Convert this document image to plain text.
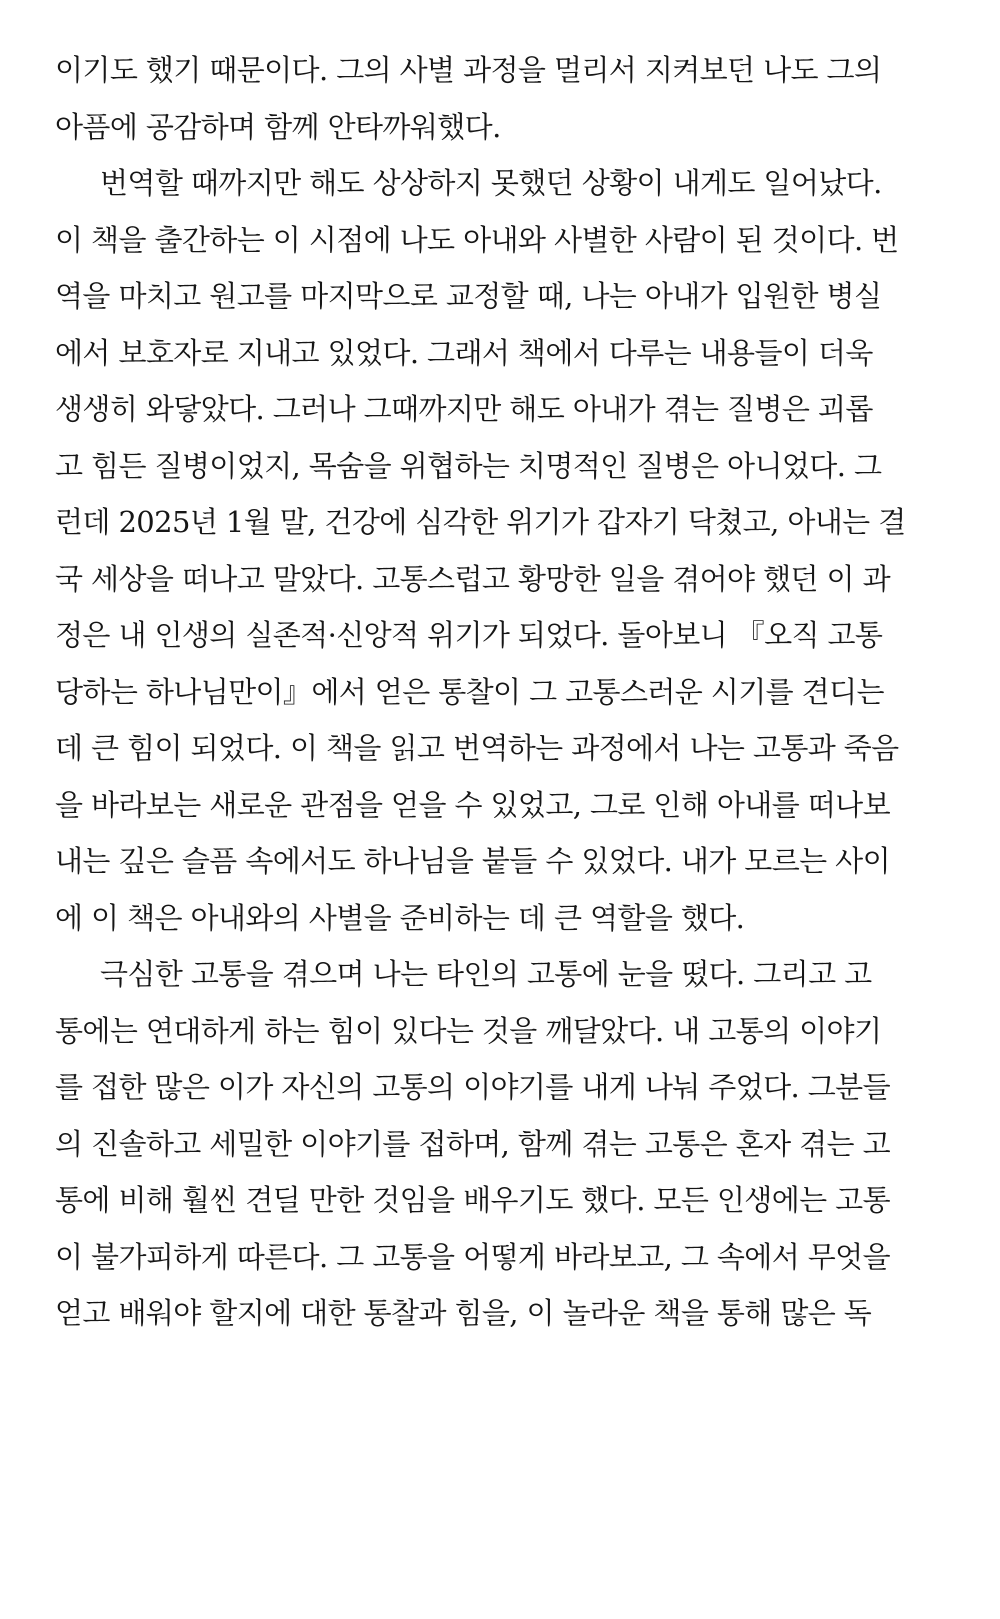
이기도 했기 때문이다. 그의 사별 과정을 멀리서 지켜보던 나도 그의
아픔에 공감하며 함께 안타까워했다.
번역할 때까지만 해도 상상하지 못했던 상황이 내게도 일어났다.
이 책을 출간하는 이 시점에 나도 아내와 사별한 사람이 된 것이다. 번
역을 마치고 원고를 마지막으로 교정할 때, 나는 아내가 입원한 병실
에서 보호자로 지내고 있었다. 그래서 책에서 다루는 내용들이 더욱
생생히 와닿았다. 그러나 그때까지만 해도 아내가 겪는 질병은 괴롭
고 힘든 질병이었지, 목숨을 위협하는 치명적인 질병은 아니었다. 그
런데 2025년 1월 말, 건강에 심각한 위기가 갑자기 닥쳤고, 아내는 결
국 세상을 떠나고 말았다. 고통스럽고 황망한 일을 겪어야 했던 이 과
정은 내 인생의 실존적·신앙적 위기가 되었다. 돌아보니 『오직 고통
당하는 하나님만이』에서 얻은 통찰이 그 고통스러운 시기를 견디는
데 큰 힘이 되었다. 이 책을 읽고 번역하는 과정에서 나는 고통과 죽음
을 바라보는 새로운 관점을 얻을 수 있었고, 그로 인해 아내를 떠나보
내는 깊은 슬픔 속에서도 하나님을 붙들 수 있었다. 내가 모르는 사이
에 이 책은 아내와의 사별을 준비하는 데 큰 역할을 했다.
극심한 고통을 겪으며 나는 타인의 고통에 눈을 떴다. 그리고 고
통에는 연대하게 하는 힘이 있다는 것을 깨달았다. 내 고통의 이야기
를 접한 많은 이가 자신의 고통의 이야기를 내게 나눠 주었다. 그분들
의 진솔하고 세밀한 이야기를 접하며, 함께 겪는 고통은 혼자 겪는 고
통에 비해 훨씬 견딜 만한 것임을 배우기도 했다. 모든 인생에는 고통
이 불가피하게 따른다. 그 고통을 어떻게 바라보고, 그 속에서 무엇을
얻고 배워야 할지에 대한 통찰과 힘을, 이 놀라운 책을 통해 많은 독
